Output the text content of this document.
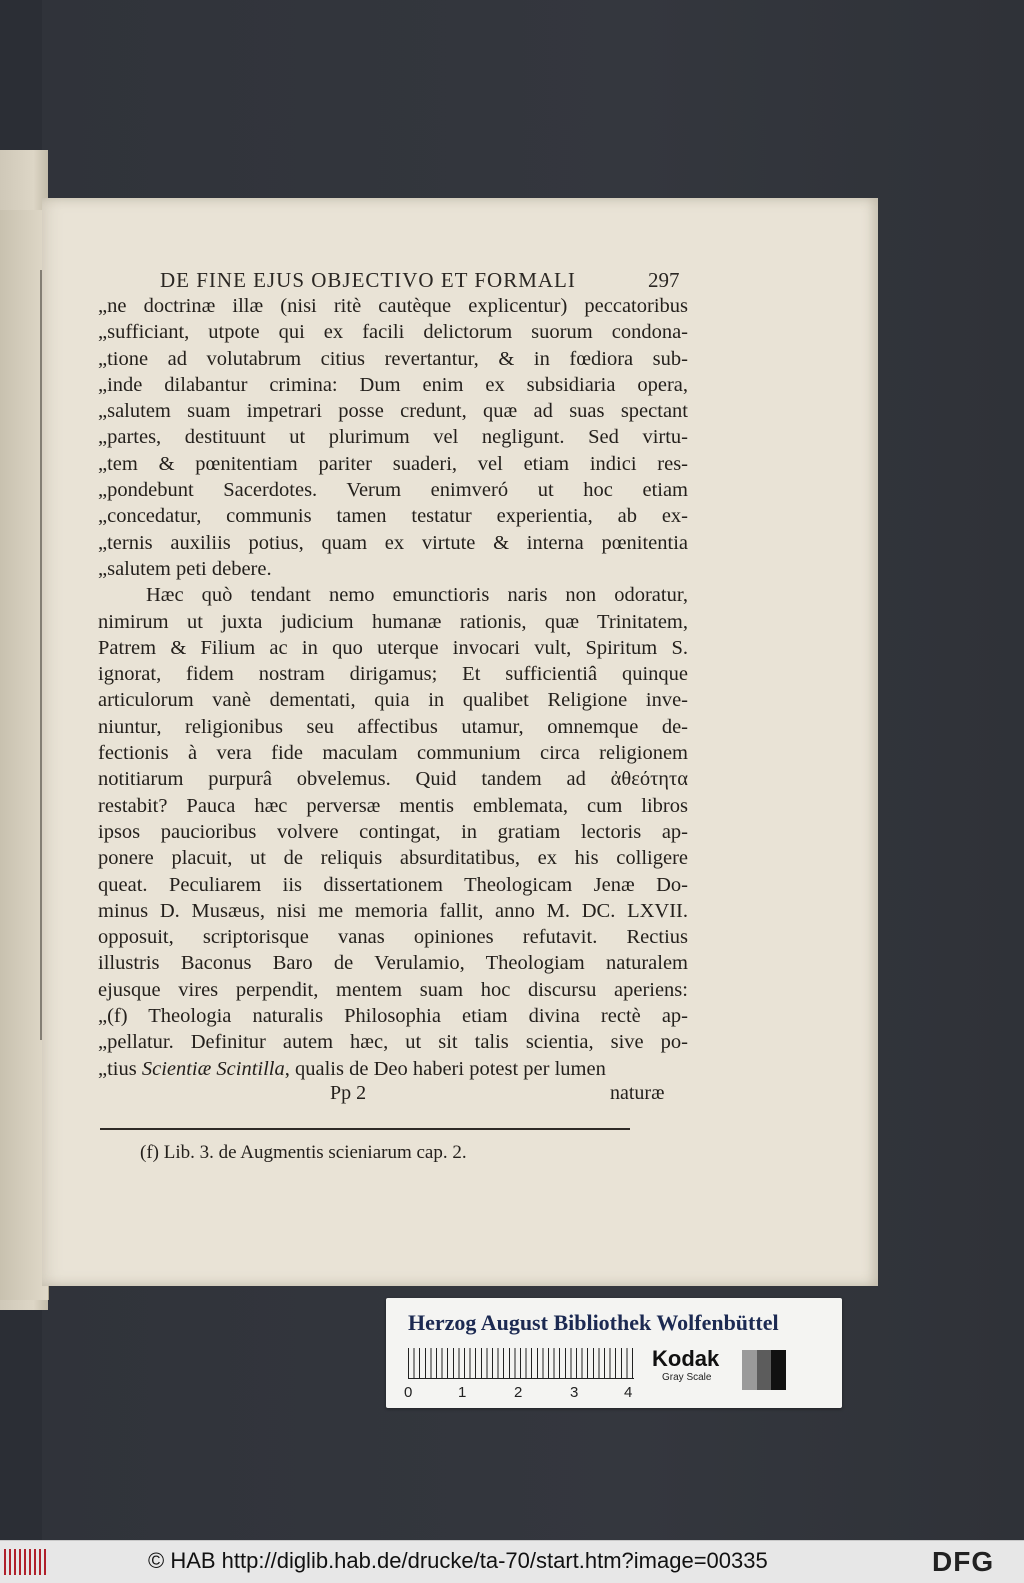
DE FINE EJUS OBJECTIVO ET FORMALI	297
„ne doctrinæ illæ (nisi ritè cautèque explicentur) peccatoribus
„sufficiant, utpote qui ex facili delictorum suorum condona-
„tione ad volutabrum citius revertantur, & in fœdiora sub-
„inde dilabantur crimina: Dum enim ex subsidiaria opera,
„salutem suam impetrari posse credunt, quæ ad suas spectant
„partes, destituunt ut plurimum vel negligunt. Sed virtu-
„tem & pœnitentiam pariter suaderi, vel etiam indici res-
„pondebunt Sacerdotes. Verum enimveró ut hoc etiam
„concedatur, communis tamen testatur experientia, ab ex-
„ternis auxiliis potius, quam ex virtute & interna pœnitentia
„salutem peti debere.
Hæc quò tendant nemo emunctioris naris non odoratur,
nimirum ut juxta judicium humanæ rationis, quæ Trinitatem,
Patrem & Filium ac in quo uterque invocari vult, Spiritum S.
ignorat, fidem nostram dirigamus; Et sufficientiâ quinque
articulorum vanè dementati, quia in qualibet Religione inve-
niuntur, religionibus seu affectibus utamur, omnemque de-
fectionis à vera fide maculam communium circa religionem
notitiarum purpurâ obvelemus. Quid tandem ad ἀθεότητα
restabit? Pauca hæc perversæ mentis emblemata, cum libros
ipsos paucioribus volvere contingat, in gratiam lectoris ap-
ponere placuit, ut de reliquis absurditatibus, ex his colligere
queat. Peculiarem iis dissertationem Theologicam Jenæ Do-
minus D. Musæus, nisi me memoria fallit, anno M. DC. LXVII.
opposuit, scriptorisque vanas opiniones refutavit. Rectius
illustris Baconus Baro de Verulamio, Theologiam naturalem
ejusque vires perpendit, mentem suam hoc discursu aperiens:
„(f) Theologia naturalis Philosophia etiam divina rectè ap-
„pellatur. Definitur autem hæc, ut sit talis scientia, sive po-
„tius Scientiæ Scintilla, qualis de Deo haberi potest per lumen
Pp 2	naturæ
(f) Lib. 3. de Augmentis scieniarum cap. 2.
Herzog August Bibliothek Wolfenbüttel
0	1	2	3	4
Kodak
Gray Scale
© HAB http://diglib.hab.de/drucke/ta-70/start.htm?image=00335	DFG
